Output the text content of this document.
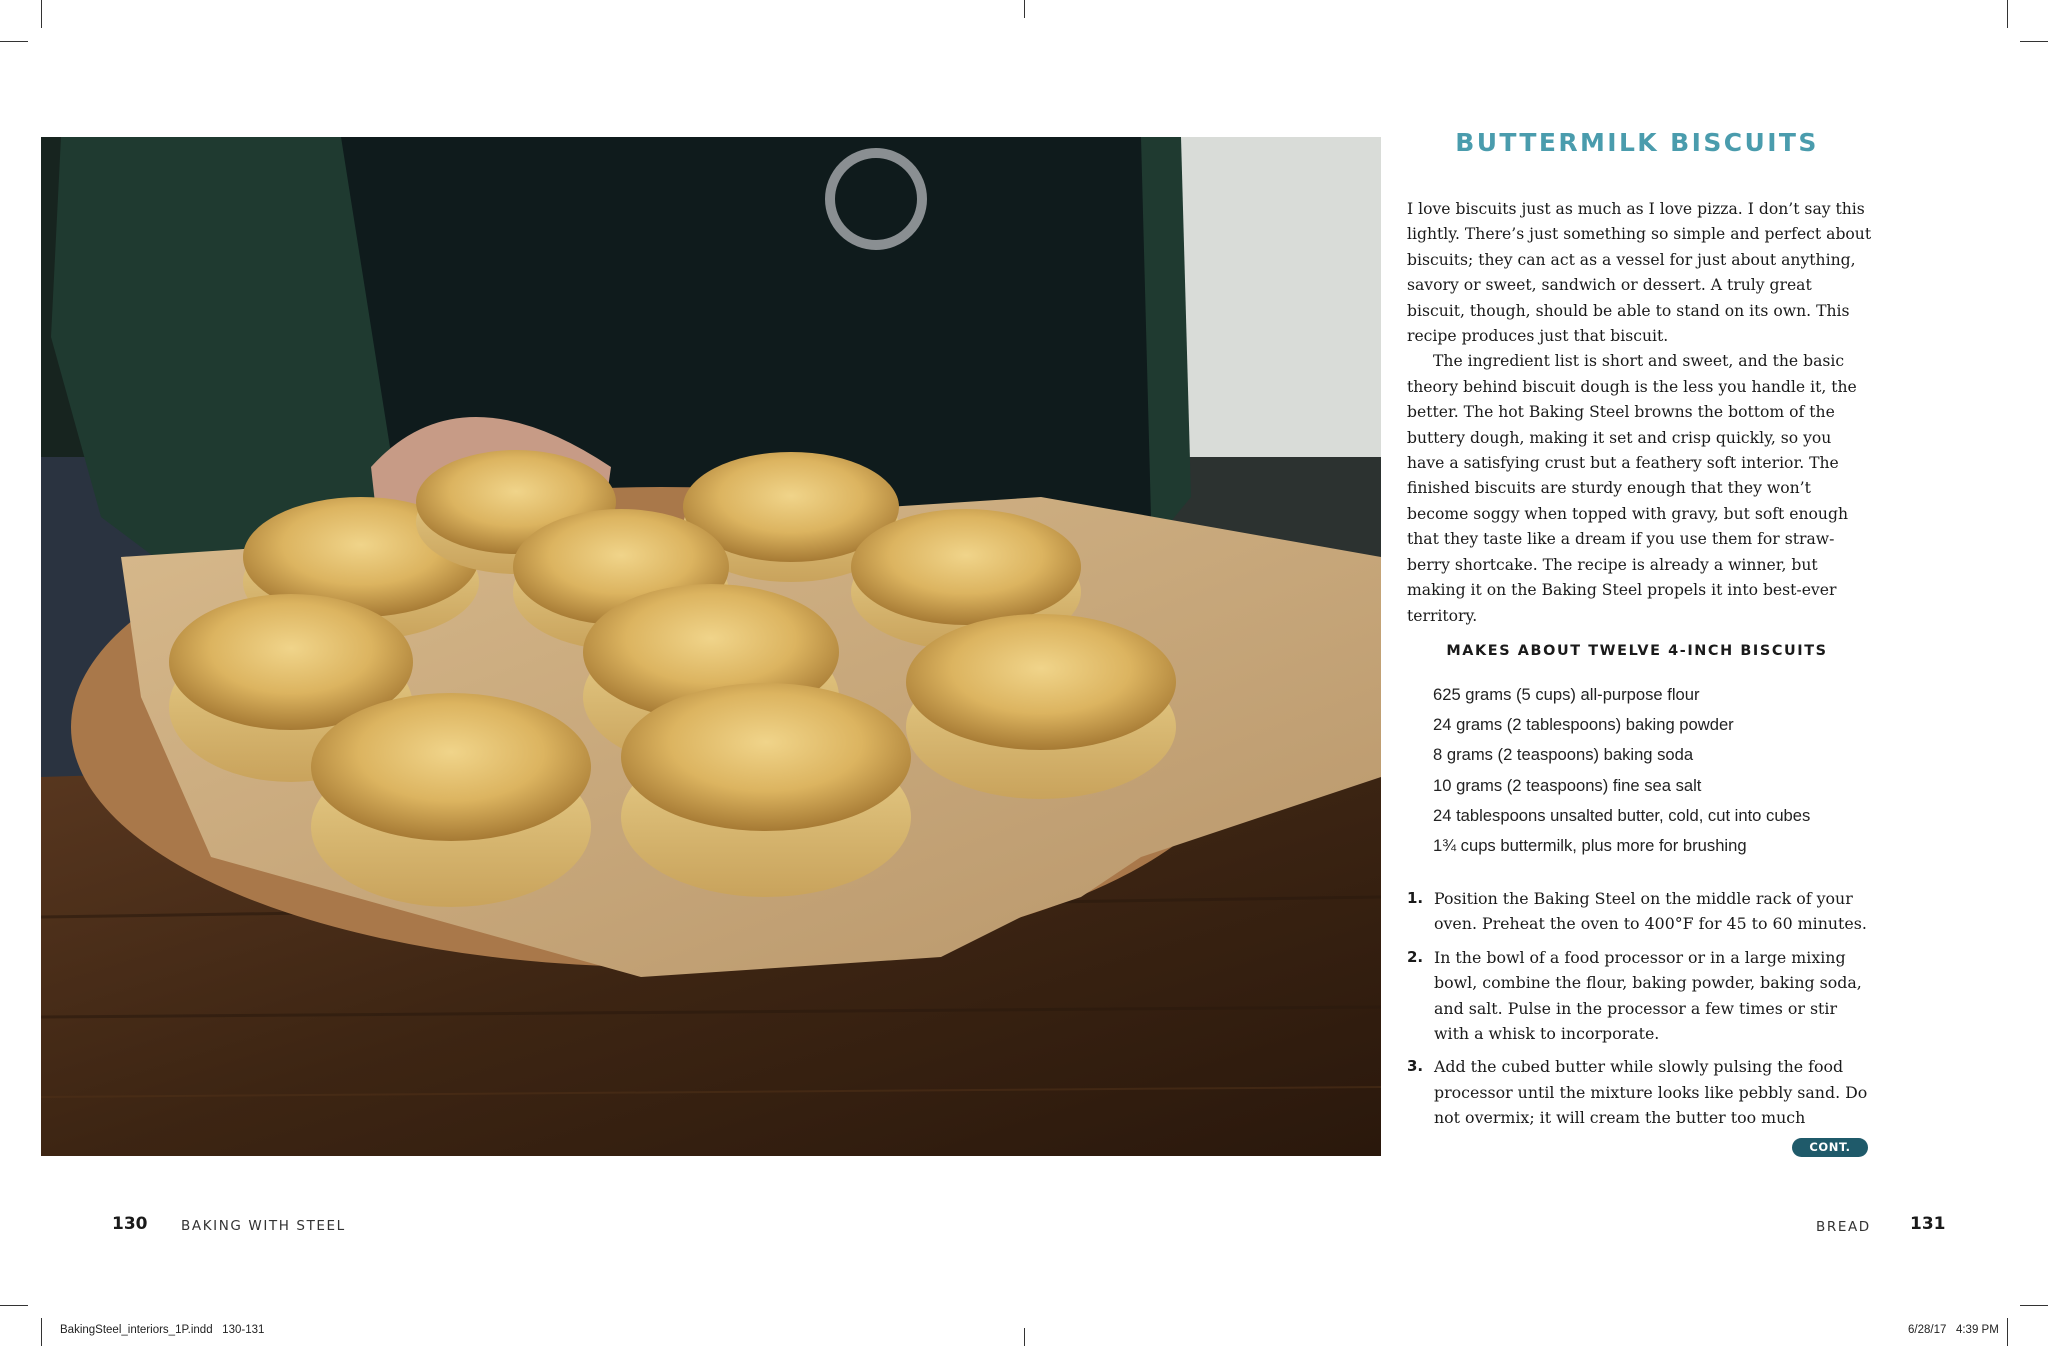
BUTTERMILK BISCUITS

I love biscuits just as much as I love pizza. I don’t say this lightly. There’s just something so simple and perfect about biscuits; they can act as a vessel for just about anything, savory or sweet, sandwich or dessert. A truly great biscuit, though, should be able to stand on its own. This recipe produces just that biscuit.

The ingredient list is short and sweet, and the basic theory behind biscuit dough is the less you handle it, the better. The hot Baking Steel browns the bottom of the buttery dough, making it set and crisp quickly, so you have a satisfying crust but a feathery soft interior. The finished biscuits are sturdy enough that they won’t become soggy when topped with gravy, but soft enough that they taste like a dream if you use them for straw-berry shortcake. The recipe is already a winner, but making it on the Baking Steel propels it into best-ever territory.

MAKES ABOUT TWELVE 4-INCH BISCUITS
625 grams (5 cups) all-purpose flour
24 grams (2 tablespoons) baking powder
8 grams (2 teaspoons) baking soda
10 grams (2 teaspoons) fine sea salt
24 tablespoons unsalted butter, cold, cut into cubes
1¾ cups buttermilk, plus more for brushing
1. Position the Baking Steel on the middle rack of your oven. Preheat the oven to 400°F for 45 to 60 minutes.
2. In the bowl of a food processor or in a large mixing bowl, combine the flour, baking powder, baking soda, and salt. Pulse in the processor a few times or stir with a whisk to incorporate.
3. Add the cubed butter while slowly pulsing the food processor until the mixture looks like pebbly sand. Do not overmix; it will cream the butter too much
CONT.
130 BAKING WITH STEEL	BREAD 131
BakingSteel_interiors_1P.indd   130-131	6/28/17   4:39 PM
